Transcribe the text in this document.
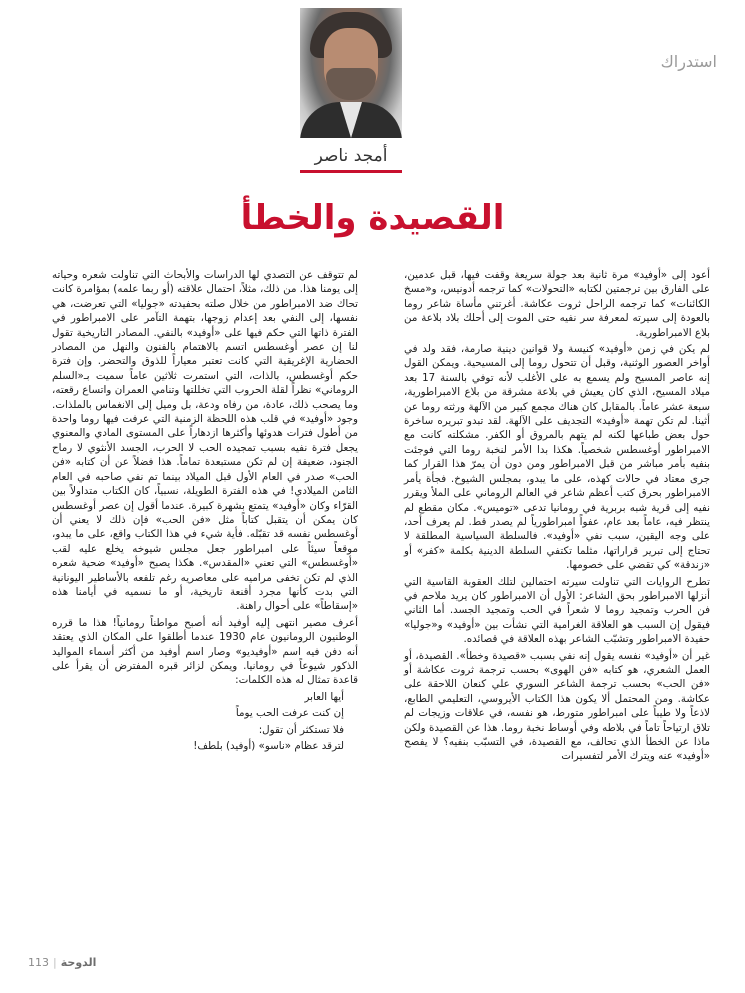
استدراك
أمجد ناصر
القصيدة والخطأ

أعود إلى «أوفيد» مرة ثانية بعد جولة سريعة وقفت فيها، قبل عدمين، على الفارق بين ترجمتين لكتابه «التحولات» كما ترجمه أدونيس، و«مسخ الكائنات» كما ترجمه الراحل ثروت عكاشة. أغرتني مأساة شاعر روما بالعودة إلى سيرته لمعرفة سر نفيه حتى الموت إلى أحلك بلاد بلاعة من بلاع الامبراطورية.

لم يكن في زمن «أوفيد» كنيسة ولا قوانين دينية صارمة، فقد ولد في أواخر العصور الوثنية، وقبل أن تتحول روما إلى المسيحية. ويمكن القول إنه عاصر المسيح ولم يسمع به على الأغلب لأنه توفي بالسنة 17 بعد ميلاد المسيح، الذي كان يعيش في بلاعة مشرقة من بلاع الامبراطورية، سبعة عشر عاماً. بالمقابل كان هناك مجمع كبير من الآلهة ورثته روما عن أثينا. لم تكن تهمة «أوفيد» التجديف على الآلهة. لقد تبدو تبريره ساخرة حول بعض طباعها لكنه لم يتهم بالمروق أو الكفر. مشكلته كانت مع الامبراطور أوغسطس شخصياً. هكذا بدا الأمر لنخبة روما التي فوجئت بنفيه بأمر مباشر من قبل الامبراطور ومن دون أن يمرّ هذا القرار كما جرى معتاد في حالات كهذه، على ما يبدو، بمجلس الشيوخ. فجأة يأمر الامبراطور بحرق كتب أعظم شاعر في العالم الروماني على الملأ ويقرر نفيه إلى قرية شبه بربرية في رومانيا تدعى «توميس». مكان مقطع لم ينتظر فيه، عاماً بعد عام، عفواً امبراطورياً لم يصدر قط. لم يعرف أحد، على وجه اليقين، سبب نفي «أوفيد». فالسلطة السياسية المطلقة لا تحتاج إلى تبرير قراراتها، مثلما تكتفي السلطة الدينية بكلمة «كفر» أو «زندقة» كي تقضي على خصومها.

تطرح الروايات التي تناولت سيرته احتمالين لتلك العقوبة القاسية التي أنزلها الامبراطور بحق الشاعر: الأول أن الامبراطور كان يريد ملاحم في فن الحرب وتمجيد روما لا شعراً في الحب وتمجيد الجسد. أما الثاني فيقول إن السبب هو العلاقة الغرامية التي نشأت بين «أوفيد» و«جوليا» حفيدة الامبراطور وتشبّب الشاعر بهذه العلاقة في قصائده.

غير أن «أوفيد» نفسه يقول إنه نفي بسبب «قصيدة وخطأ». القصيدة، أو العمل الشعري، هو كتابه «فن الهوى» بحسب ترجمة ثروت عكاشة أو «فن الحب» بحسب ترجمة الشاعر السوري علي كنعان اللاحقة على عكاشة. ومن المحتمل ألا يكون هذا الكتاب الأيروسي، التعليمي الطابع، لاذعاً ولا طيباً على امبراطور متورط، هو نفسه، في علاقات وزيجات لم تلاق ارتياحاً تاماً في بلاطه وفي أوساط نخبة روما. هذا عن القصيدة ولكن ماذا عن الخطأ الذي تحالف، مع القصيدة، في التسبّب بنفيه؟ لا يفصح «أوفيد» عنه ويترك الأمر لتفسيرات

لم تتوقف عن التصدي لها الدراسات والأبحاث التي تناولت شعره وحياته إلى يومنا هذا. من ذلك، مثلاً، احتمال علاقته (أو ربما علمه) بمؤامرة كانت تحاك ضد الامبراطور من خلال صلته بحفيدته «جوليا» التي تعرضت، هي نفسها، إلى النفي بعد إعدام زوجها، بتهمة التآمر على الامبراطور في الفترة ذاتها التي حكم فيها على «أوفيد» بالنفي. المصادر التاريخية تقول لنا إن عصر أوغسطس اتسم بالاهتمام بالفنون والنهل من المصادر الحضارية الإغريقية التي كانت تعتبر معياراً للذوق والتحضر. وإن فترة حكم أوغسطس، بالذات، التي استمرت ثلاثين عاماً سميت بـ«السلم الروماني» نظراً لقلة الحروب التي تخللتها وتنامي العمران واتساع رقعته، وما يصحب ذلك، عادة، من رفاه ودعة، بل وميل إلى الانغماس بالملذات. وجود «أوفيد» في قلب هذه اللحظة الزمنية التي عرفت فيها روما واحدة من أطول فترات هدوئها وأكثرها ازدهاراً على المستوى المادي والمعنوي يجعل فترة نفيه بسبب تمجيده الحب لا الحرب، الجسد الأنثوي لا رماح الجنود، ضعيفة إن لم تكن مستبعدة تماماً. هذا فضلاً عن أن كتابه «فن الحب» صدر في العام الأول قبل الميلاد بينما تم نفي صاحبه في العام الثامن الميلادي! في هذه الفترة الطويلة، نسبياً، كان الكتاب متداولاً بين القرّاء وكان «أوفيد» يتمتع بشهرة كبيرة. عندما أقول إن عصر أوغسطس كان يمكن أن يتقبل كتاباً مثل «فن الحب» فإن ذلك لا يعني أن أوغسطس نفسه قد تقبّله. فأية شيء في هذا الكتاب واقع، على ما يبدو، موقعاً سيئاً على امبراطور جعل مجلس شيوخه يخلع عليه لقب «أوغسطس» التي تعني «المقدس». هكذا يصبح «أوفيد» ضحية شعره الذي لم تكن تخفى مراميه على معاصريه رغم تلفعه بالأساطير اليونانية التي بدت كأنها مجرد أقنعة تاريخية، أو ما نسميه في أيامنا هذه «إسقاطاً» على أحوال راهنة.

أعرف مصير انتهى إليه أوفيد أنه أصبح مواطناً رومانياً! هذا ما قرره الوطنيون الرومانيون عام 1930 عندما أطلقوا على المكان الذي يعتقد أنه دفن فيه اسم «أوفيديو» وصار اسم أوفيد من أكثر أسماء المواليد الذكور شيوعاً في رومانيا. ويمكن لزائر قبره المفترض أن يقرأ على قاعدة تمثال له هذه الكلمات:

أيها العابر

إن كنت عرفت الحب يوماً

فلا تستكثر أن تقول:

لترقد عظام «ناسو» (أوفيد) بلطف!

113 | الدوحة
